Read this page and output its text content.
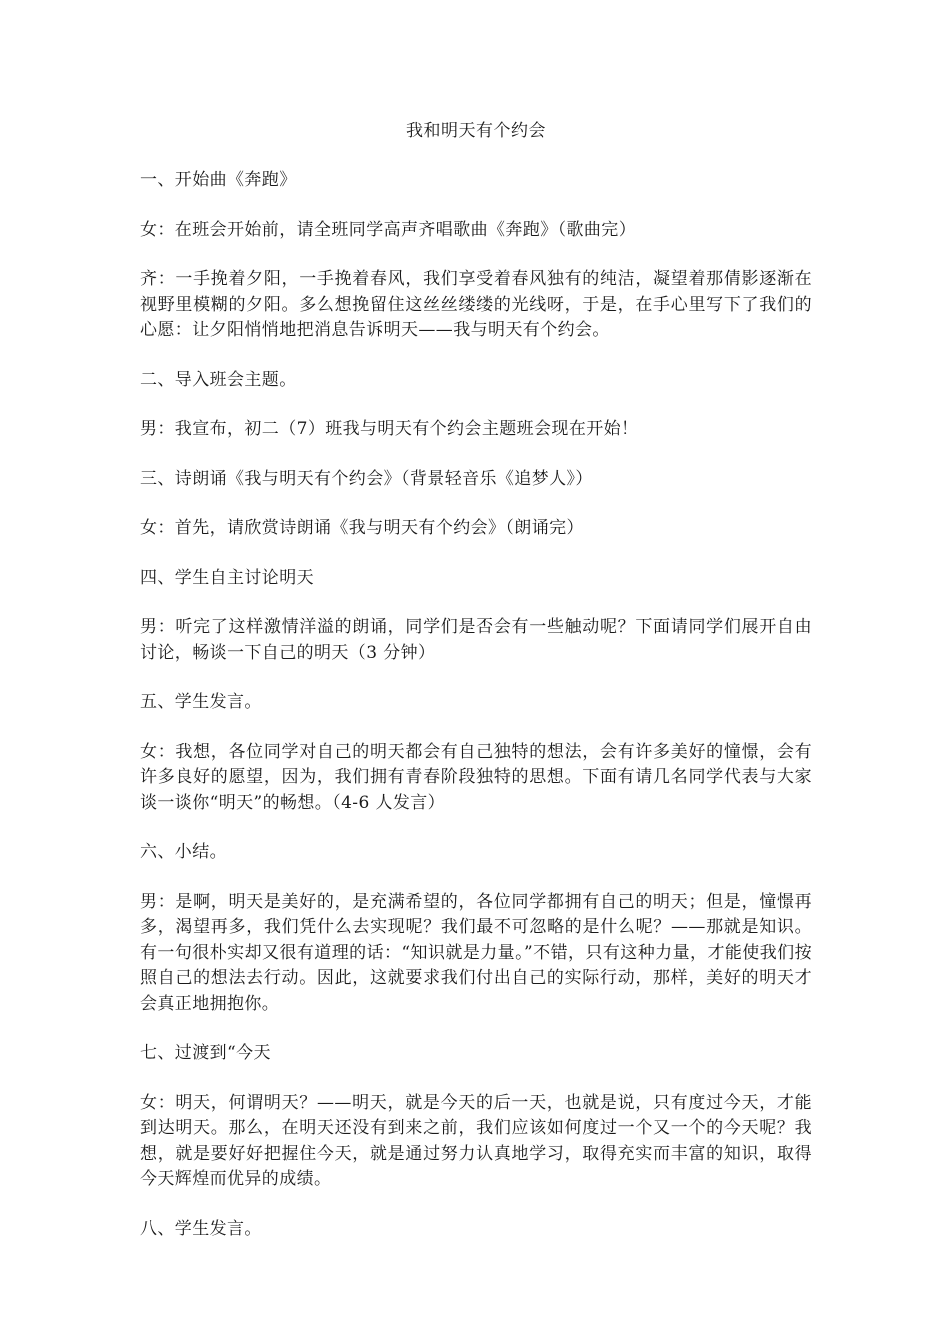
我和明天有个约会
一、开始曲《奔跑》
女：在班会开始前，请全班同学高声齐唱歌曲《奔跑》（歌曲完）
齐：一手挽着夕阳，一手挽着春风，我们享受着春风独有的纯洁，凝望着那倩影逐渐在视野里模糊的夕阳。多么想挽留住这丝丝缕缕的光线呀，于是，在手心里写下了我们的心愿：让夕阳悄悄地把消息告诉明天——我与明天有个约会。
二、导入班会主题。
男：我宣布，初二（7）班我与明天有个约会主题班会现在开始！
三、诗朗诵《我与明天有个约会》（背景轻音乐《追梦人》）
女：首先，请欣赏诗朗诵《我与明天有个约会》（朗诵完）
四、学生自主讨论明天
男：听完了这样激情洋溢的朗诵，同学们是否会有一些触动呢？下面请同学们展开自由讨论，畅谈一下自己的明天（3 分钟）
五、学生发言。
女：我想，各位同学对自己的明天都会有自己独特的想法，会有许多美好的憧憬，会有许多良好的愿望，因为，我们拥有青春阶段独特的思想。下面有请几名同学代表与大家谈一谈你“明天”的畅想。（4-6 人发言）
六、小结。
男：是啊，明天是美好的，是充满希望的，各位同学都拥有自己的明天；但是，憧憬再多，渴望再多，我们凭什么去实现呢？我们最不可忽略的是什么呢？——那就是知识。有一句很朴实却又很有道理的话：“知识就是力量。”不错，只有这种力量，才能使我们按照自己的想法去行动。因此，这就要求我们付出自己的实际行动，那样，美好的明天才会真正地拥抱你。
七、过渡到“今天
女：明天，何谓明天？——明天，就是今天的后一天，也就是说，只有度过今天，才能到达明天。那么，在明天还没有到来之前，我们应该如何度过一个又一个的今天呢？我想，就是要好好把握住今天，就是通过努力认真地学习，取得充实而丰富的知识，取得今天辉煌而优异的成绩。
八、学生发言。
